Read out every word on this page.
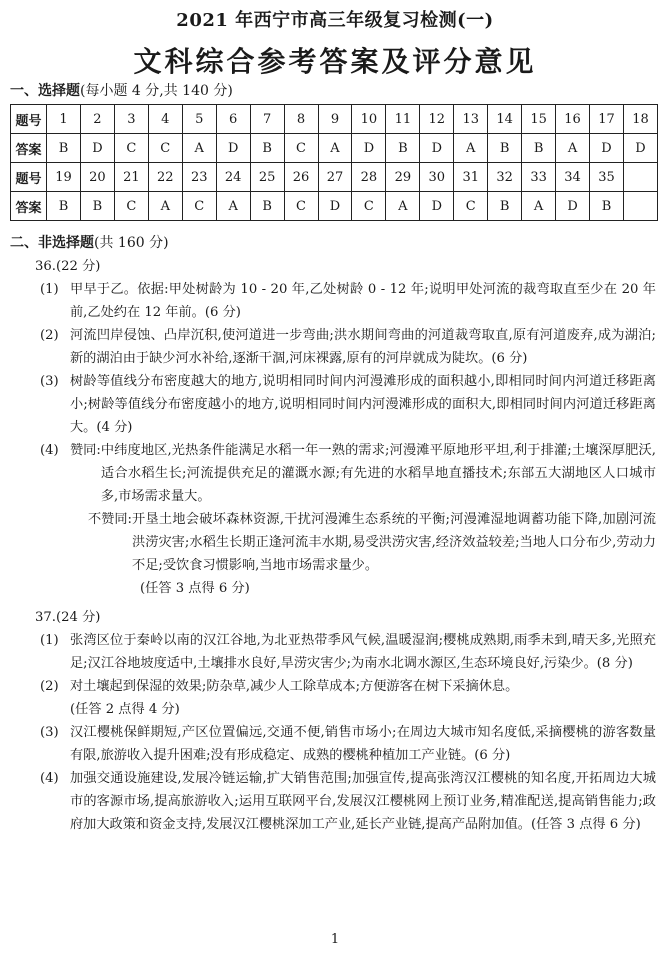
2021 年西宁市高三年级复习检测(一)
文科综合参考答案及评分意见
一、选择题(每小题 4 分,共 140 分)
题号	1	2	3	4	5	6	7	8	9	10	11	12	13	14	15	16	17	18
答案	B	D	C	C	A	D	B	C	A	D	B	D	A	B	B	A	D	D
题号	19	20	21	22	23	24	25	26	27	28	29	30	31	32	33	34	35	
答案	B	B	C	A	C	A	B	C	D	C	A	D	C	B	A	D	B	
二、非选择题(共 160 分)
36.(22 分)
(1) 甲早于乙。依据:甲处树龄为 10 - 20 年,乙处树龄 0 - 12 年;说明甲处河流的裁弯取直至少在 20 年前,乙处约在 12 年前。(6 分)
(2) 河流凹岸侵蚀、凸岸沉积,使河道进一步弯曲;洪水期间弯曲的河道裁弯取直,原有河道废弃,成为湖泊;新的湖泊由于缺少河水补给,逐渐干涸,河床裸露,原有的河岸就成为陡坎。(6 分)
(3) 树龄等值线分布密度越大的地方,说明相同时间内河漫滩形成的面积越小,即相同时间内河道迁移距离小;树龄等值线分布密度越小的地方,说明相同时间内河漫滩形成的面积大,即相同时间内河道迁移距离大。(4 分)
(4) 赞同: 中纬度地区,光热条件能满足水稻一年一熟的需求;河漫滩平原地形平坦,利于排灌;土壤深厚肥沃,适合水稻生长;河流提供充足的灌溉水源;有先进的水稻旱地直播技术;东部五大湖地区人口城市多,市场需求量大。
不赞同: 开垦土地会破坏森林资源,干扰河漫滩生态系统的平衡;河漫滩湿地调蓄功能下降,加剧河流洪涝灾害;水稻生长期正逢河流丰水期,易受洪涝灾害,经济效益较差;当地人口分布少,劳动力不足;受饮食习惯影响,当地市场需求量少。
(任答 3 点得 6 分)
37.(24 分)
(1) 张湾区位于秦岭以南的汉江谷地,为北亚热带季风气候,温暖湿润;樱桃成熟期,雨季未到,晴天多,光照充足;汉江谷地坡度适中,土壤排水良好,旱涝灾害少;为南水北调水源区,生态环境良好,污染少。(8 分)
(2) 对土壤起到保湿的效果;防杂草,减少人工除草成本;方便游客在树下采摘休息。
(任答 2 点得 4 分)
(3) 汉江樱桃保鲜期短,产区位置偏远,交通不便,销售市场小;在周边大城市知名度低,采摘樱桃的游客数量有限,旅游收入提升困难;没有形成稳定、成熟的樱桃种植加工产业链。(6 分)
(4) 加强交通设施建设,发展冷链运输,扩大销售范围;加强宣传,提高张湾汉江樱桃的知名度,开拓周边大城市的客源市场,提高旅游收入;运用互联网平台,发展汉江樱桃网上预订业务,精准配送,提高销售能力;政府加大政策和资金支持,发展汉江樱桃深加工产业,延长产业链,提高产品附加值。(任答 3 点得 6 分)
1
